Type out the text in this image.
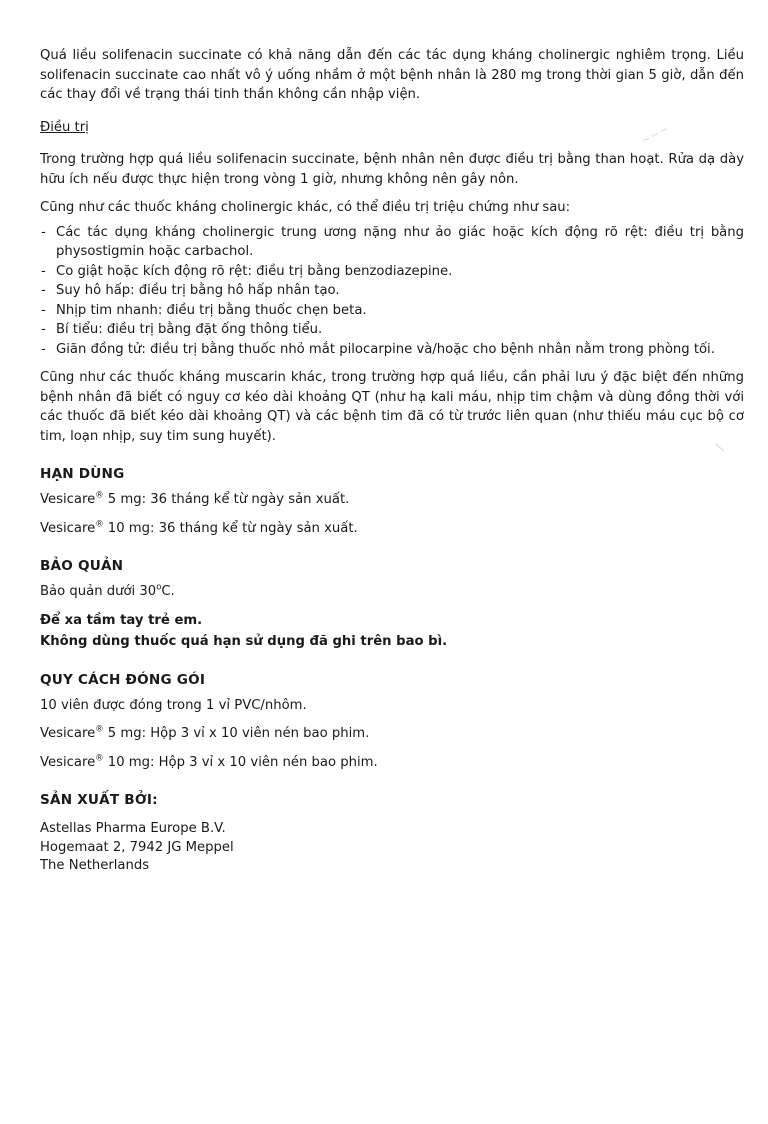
~~~
/

Quá liều solifenacin succinate có khả năng dẫn đến các tác dụng kháng cholinergic nghiêm trọng. Liều solifenacin succinate cao nhất vô ý uống nhầm ở một bệnh nhân là 280 mg trong thời gian 5 giờ, dẫn đến các thay đổi về trạng thái tinh thần không cần nhập viện.

Điều trị

Trong trường hợp quá liều solifenacin succinate, bệnh nhân nên được điều trị bằng than hoạt. Rửa dạ dày hữu ích nếu được thực hiện trong vòng 1 giờ, nhưng không nên gây nôn.

Cũng như các thuốc kháng cholinergic khác, có thể điều trị triệu chứng như sau:

- Các tác dụng kháng cholinergic trung ương nặng như ảo giác hoặc kích động rõ rệt: điều trị bằng physostigmin hoặc carbachol.
- Co giật hoặc kích động rõ rệt: điều trị bằng benzodiazepine.
- Suy hô hấp: điều trị bằng hô hấp nhân tạo.
- Nhịp tim nhanh: điều trị bằng thuốc chẹn beta.
- Bí tiểu: điều trị bằng đặt ống thông tiểu.
- Giãn đồng tử: điều trị bằng thuốc nhỏ mắt pilocarpine và/hoặc cho bệnh nhân nằm trong phòng tối.

Cũng như các thuốc kháng muscarin khác, trong trường hợp quá liều, cần phải lưu ý đặc biệt đến những bệnh nhân đã biết có nguy cơ kéo dài khoảng QT (như hạ kali máu, nhịp tim chậm và dùng đồng thời với các thuốc đã biết kéo dài khoảng QT) và các bệnh tim đã có từ trước liên quan (như thiếu máu cục bộ cơ tim, loạn nhịp, suy tim sung huyết).

HẠN DÙNG
Vesicare® 5 mg: 36 tháng kể từ ngày sản xuất.
Vesicare® 10 mg: 36 tháng kể từ ngày sản xuất.
BẢO QUẢN
Bảo quản dưới 30$^o$C.
Để xa tầm tay trẻ em.
Không dùng thuốc quá hạn sử dụng đã ghi trên bao bì.
QUY CÁCH ĐÓNG GÓI
10 viên được đóng trong 1 vỉ PVC/nhôm.
Vesicare® 5 mg: Hộp 3 vỉ x 10 viên nén bao phim.
Vesicare® 10 mg: Hộp 3 vỉ x 10 viên nén bao phim.
SẢN XUẤT BỞI:
Astellas Pharma Europe B.V.
Hogemaat 2, 7942 JG Meppel
The Netherlands
